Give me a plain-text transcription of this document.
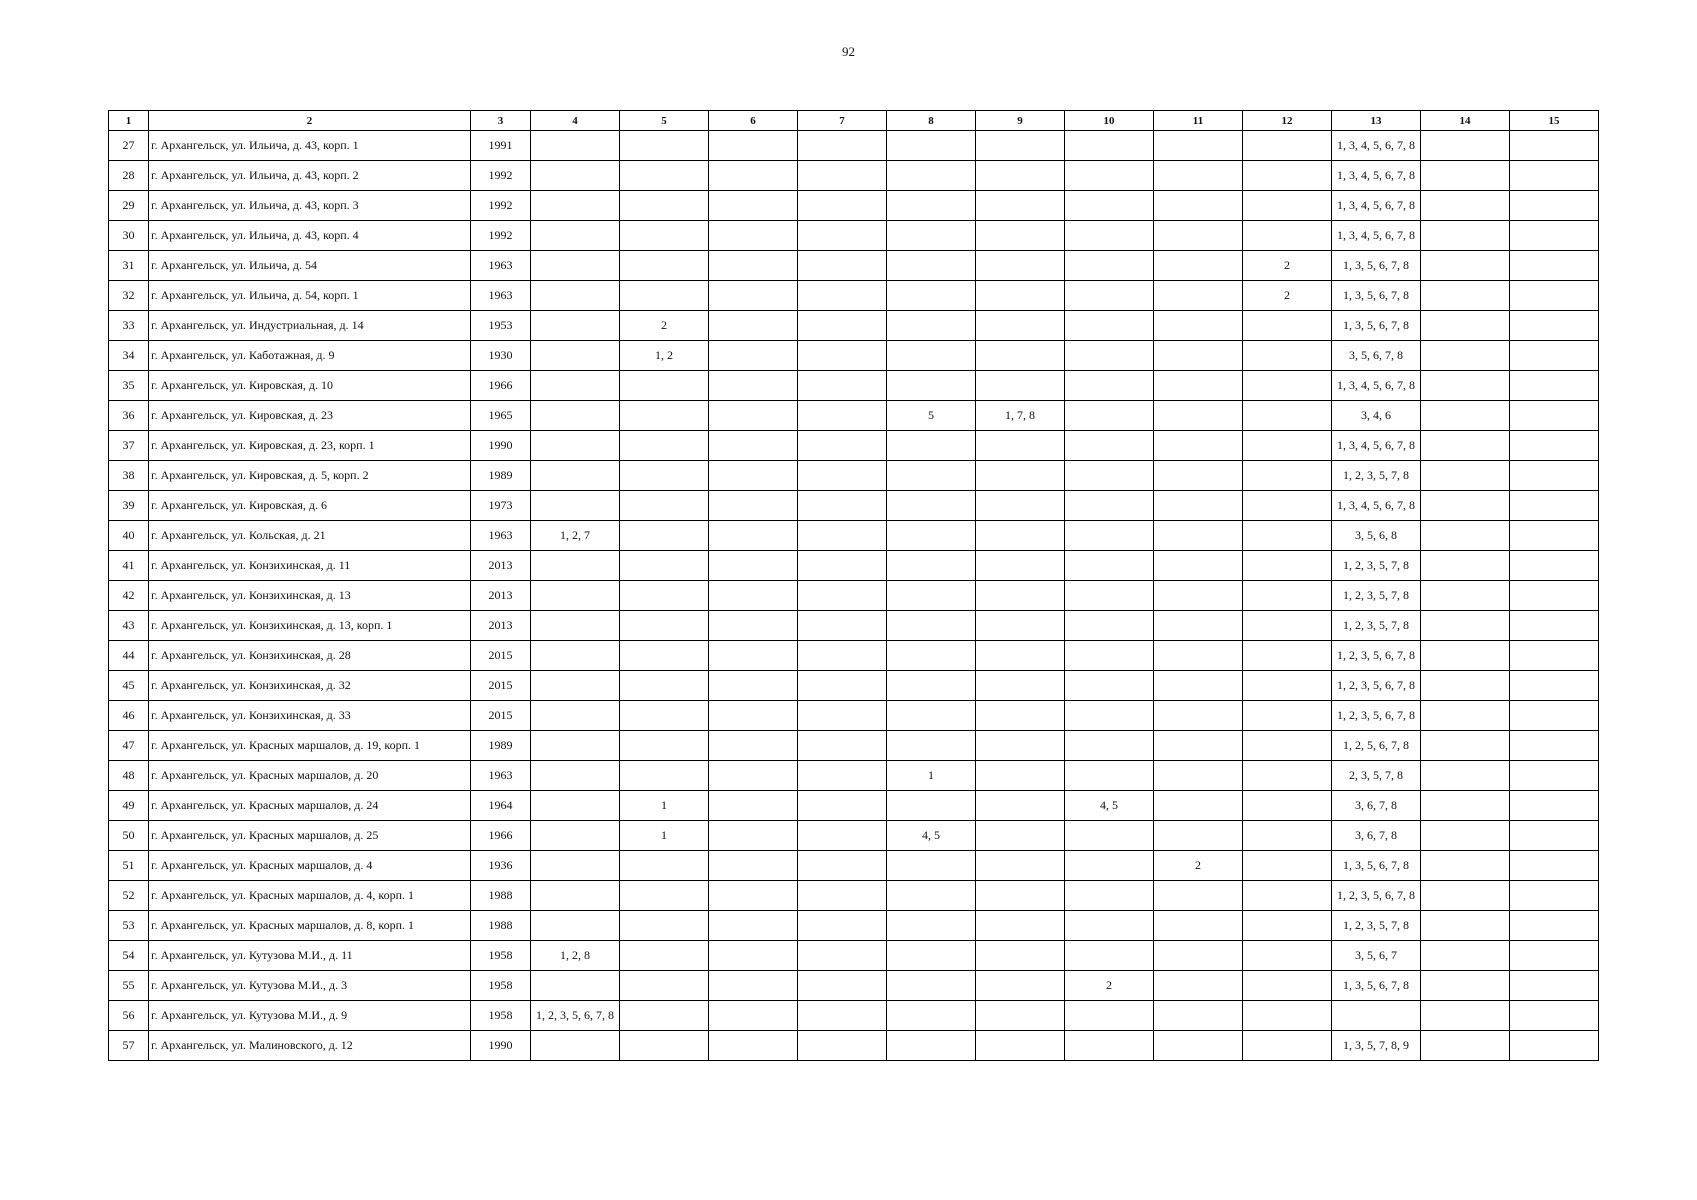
92
1	2	3	4	5	6	7	8	9	10	11	12	13	14	15
27	г. Архангельск, ул. Ильича, д. 43, корп. 1	1991										1, 3, 4, 5, 6, 7, 8		
28	г. Архангельск, ул. Ильича, д. 43, корп. 2	1992										1, 3, 4, 5, 6, 7, 8		
29	г. Архангельск, ул. Ильича, д. 43, корп. 3	1992										1, 3, 4, 5, 6, 7, 8		
30	г. Архангельск, ул. Ильича, д. 43, корп. 4	1992										1, 3, 4, 5, 6, 7, 8		
31	г. Архангельск, ул. Ильича, д. 54	1963									2	1, 3, 5, 6, 7, 8		
32	г. Архангельск, ул. Ильича, д. 54, корп. 1	1963									2	1, 3, 5, 6, 7, 8		
33	г. Архангельск, ул. Индустриальная, д. 14	1953		2								1, 3, 5, 6, 7, 8		
34	г. Архангельск, ул. Каботажная, д. 9	1930		1, 2								3, 5, 6, 7, 8		
35	г. Архангельск, ул. Кировская, д. 10	1966										1, 3, 4, 5, 6, 7, 8		
36	г. Архангельск, ул. Кировская, д. 23	1965					5	1, 7, 8				3, 4, 6		
37	г. Архангельск, ул. Кировская, д. 23, корп. 1	1990										1, 3, 4, 5, 6, 7, 8		
38	г. Архангельск, ул. Кировская, д. 5, корп. 2	1989										1, 2, 3, 5, 7, 8		
39	г. Архангельск, ул. Кировская, д. 6	1973										1, 3, 4, 5, 6, 7, 8		
40	г. Архангельск, ул. Кольская, д. 21	1963	1, 2, 7									3, 5, 6, 8		
41	г. Архангельск, ул. Конзихинская, д. 11	2013										1, 2, 3, 5, 7, 8		
42	г. Архангельск, ул. Конзихинская, д. 13	2013										1, 2, 3, 5, 7, 8		
43	г. Архангельск, ул. Конзихинская, д. 13, корп. 1	2013										1, 2, 3, 5, 7, 8		
44	г. Архангельск, ул. Конзихинская, д. 28	2015										1, 2, 3, 5, 6, 7, 8		
45	г. Архангельск, ул. Конзихинская, д. 32	2015										1, 2, 3, 5, 6, 7, 8		
46	г. Архангельск, ул. Конзихинская, д. 33	2015										1, 2, 3, 5, 6, 7, 8		
47	г. Архангельск, ул. Красных маршалов, д. 19, корп. 1	1989										1, 2, 5, 6, 7, 8		
48	г. Архангельск, ул. Красных маршалов, д. 20	1963					1					2, 3, 5, 7, 8		
49	г. Архангельск, ул. Красных маршалов, д. 24	1964		1					4, 5			3, 6, 7, 8		
50	г. Архангельск, ул. Красных маршалов, д. 25	1966		1			4, 5					3, 6, 7, 8		
51	г. Архангельск, ул. Красных маршалов, д. 4	1936								2		1, 3, 5, 6, 7, 8		
52	г. Архангельск, ул. Красных маршалов, д. 4, корп. 1	1988										1, 2, 3, 5, 6, 7, 8		
53	г. Архангельск, ул. Красных маршалов, д. 8, корп. 1	1988										1, 2, 3, 5, 7, 8		
54	г. Архангельск, ул. Кутузова М.И., д. 11	1958	1, 2, 8									3, 5, 6, 7		
55	г. Архангельск, ул. Кутузова М.И., д. 3	1958							2			1, 3, 5, 6, 7, 8		
56	г. Архангельск, ул. Кутузова М.И., д. 9	1958	1, 2, 3, 5, 6, 7, 8											
57	г. Архангельск, ул. Малиновского, д. 12	1990										1, 3, 5, 7, 8, 9		
